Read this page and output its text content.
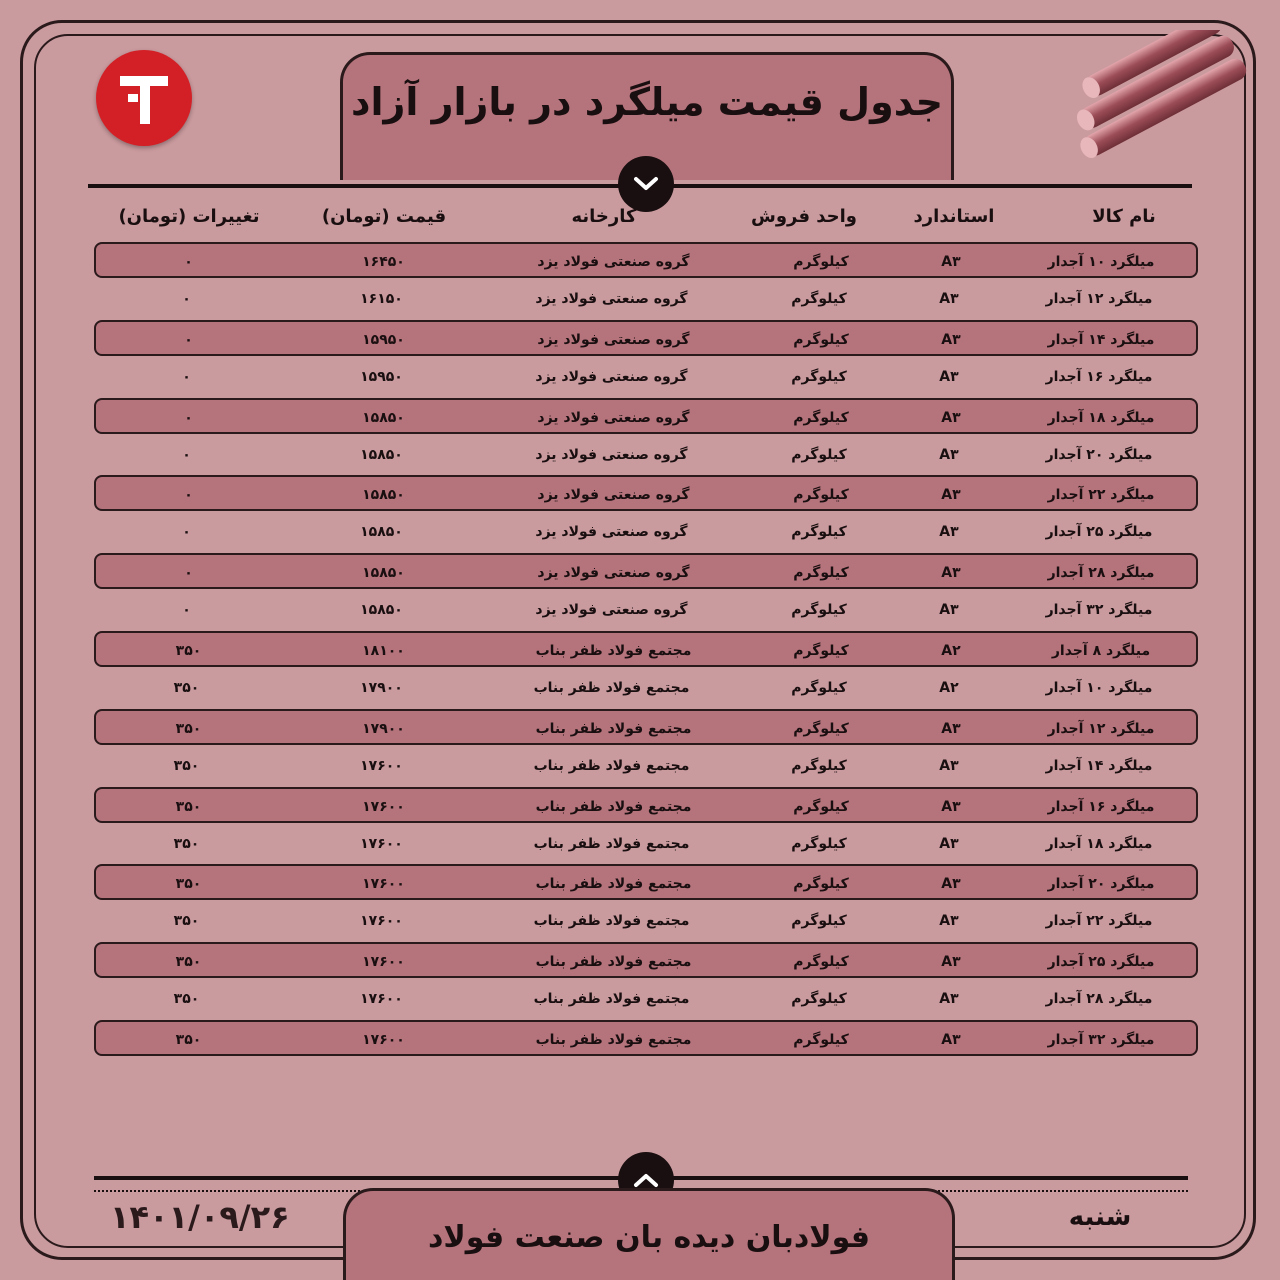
جدول قیمت میلگرد در بازار آزاد
نام کالا
استاندارد
واحد فروش
کارخانه
قیمت (تومان)
تغییرات (تومان)
میلگرد ۱۰ آجدار
A۳
کیلوگرم
گروه صنعتی فولاد یزد
۱۶۴۵۰
۰
میلگرد ۱۲ آجدار
A۳
کیلوگرم
گروه صنعتی فولاد یزد
۱۶۱۵۰
۰
میلگرد ۱۴ آجدار
A۳
کیلوگرم
گروه صنعتی فولاد یزد
۱۵۹۵۰
۰
میلگرد ۱۶ آجدار
A۳
کیلوگرم
گروه صنعتی فولاد یزد
۱۵۹۵۰
۰
میلگرد ۱۸ آجدار
A۳
کیلوگرم
گروه صنعتی فولاد یزد
۱۵۸۵۰
۰
میلگرد ۲۰ آجدار
A۳
کیلوگرم
گروه صنعتی فولاد یزد
۱۵۸۵۰
۰
میلگرد ۲۲ آجدار
A۳
کیلوگرم
گروه صنعتی فولاد یزد
۱۵۸۵۰
۰
میلگرد ۲۵ آجدار
A۳
کیلوگرم
گروه صنعتی فولاد یزد
۱۵۸۵۰
۰
میلگرد ۲۸ آجدار
A۳
کیلوگرم
گروه صنعتی فولاد یزد
۱۵۸۵۰
۰
میلگرد ۳۲ آجدار
A۳
کیلوگرم
گروه صنعتی فولاد یزد
۱۵۸۵۰
۰
میلگرد ۸ آجدار
A۲
کیلوگرم
مجتمع فولاد ظفر بناب
۱۸۱۰۰
۳۵۰
میلگرد ۱۰ آجدار
A۲
کیلوگرم
مجتمع فولاد ظفر بناب
۱۷۹۰۰
۳۵۰
میلگرد ۱۲ آجدار
A۳
کیلوگرم
مجتمع فولاد ظفر بناب
۱۷۹۰۰
۳۵۰
میلگرد ۱۴ آجدار
A۳
کیلوگرم
مجتمع فولاد ظفر بناب
۱۷۶۰۰
۳۵۰
میلگرد ۱۶ آجدار
A۳
کیلوگرم
مجتمع فولاد ظفر بناب
۱۷۶۰۰
۳۵۰
میلگرد ۱۸ آجدار
A۳
کیلوگرم
مجتمع فولاد ظفر بناب
۱۷۶۰۰
۳۵۰
میلگرد ۲۰ آجدار
A۳
کیلوگرم
مجتمع فولاد ظفر بناب
۱۷۶۰۰
۳۵۰
میلگرد ۲۲ آجدار
A۳
کیلوگرم
مجتمع فولاد ظفر بناب
۱۷۶۰۰
۳۵۰
میلگرد ۲۵ آجدار
A۳
کیلوگرم
مجتمع فولاد ظفر بناب
۱۷۶۰۰
۳۵۰
میلگرد ۲۸ آجدار
A۳
کیلوگرم
مجتمع فولاد ظفر بناب
۱۷۶۰۰
۳۵۰
میلگرد ۳۲ آجدار
A۳
کیلوگرم
مجتمع فولاد ظفر بناب
۱۷۶۰۰
۳۵۰
فولادبان دیده بان صنعت فولاد
۱۴۰۱/۰۹/۲۶	شنبه
